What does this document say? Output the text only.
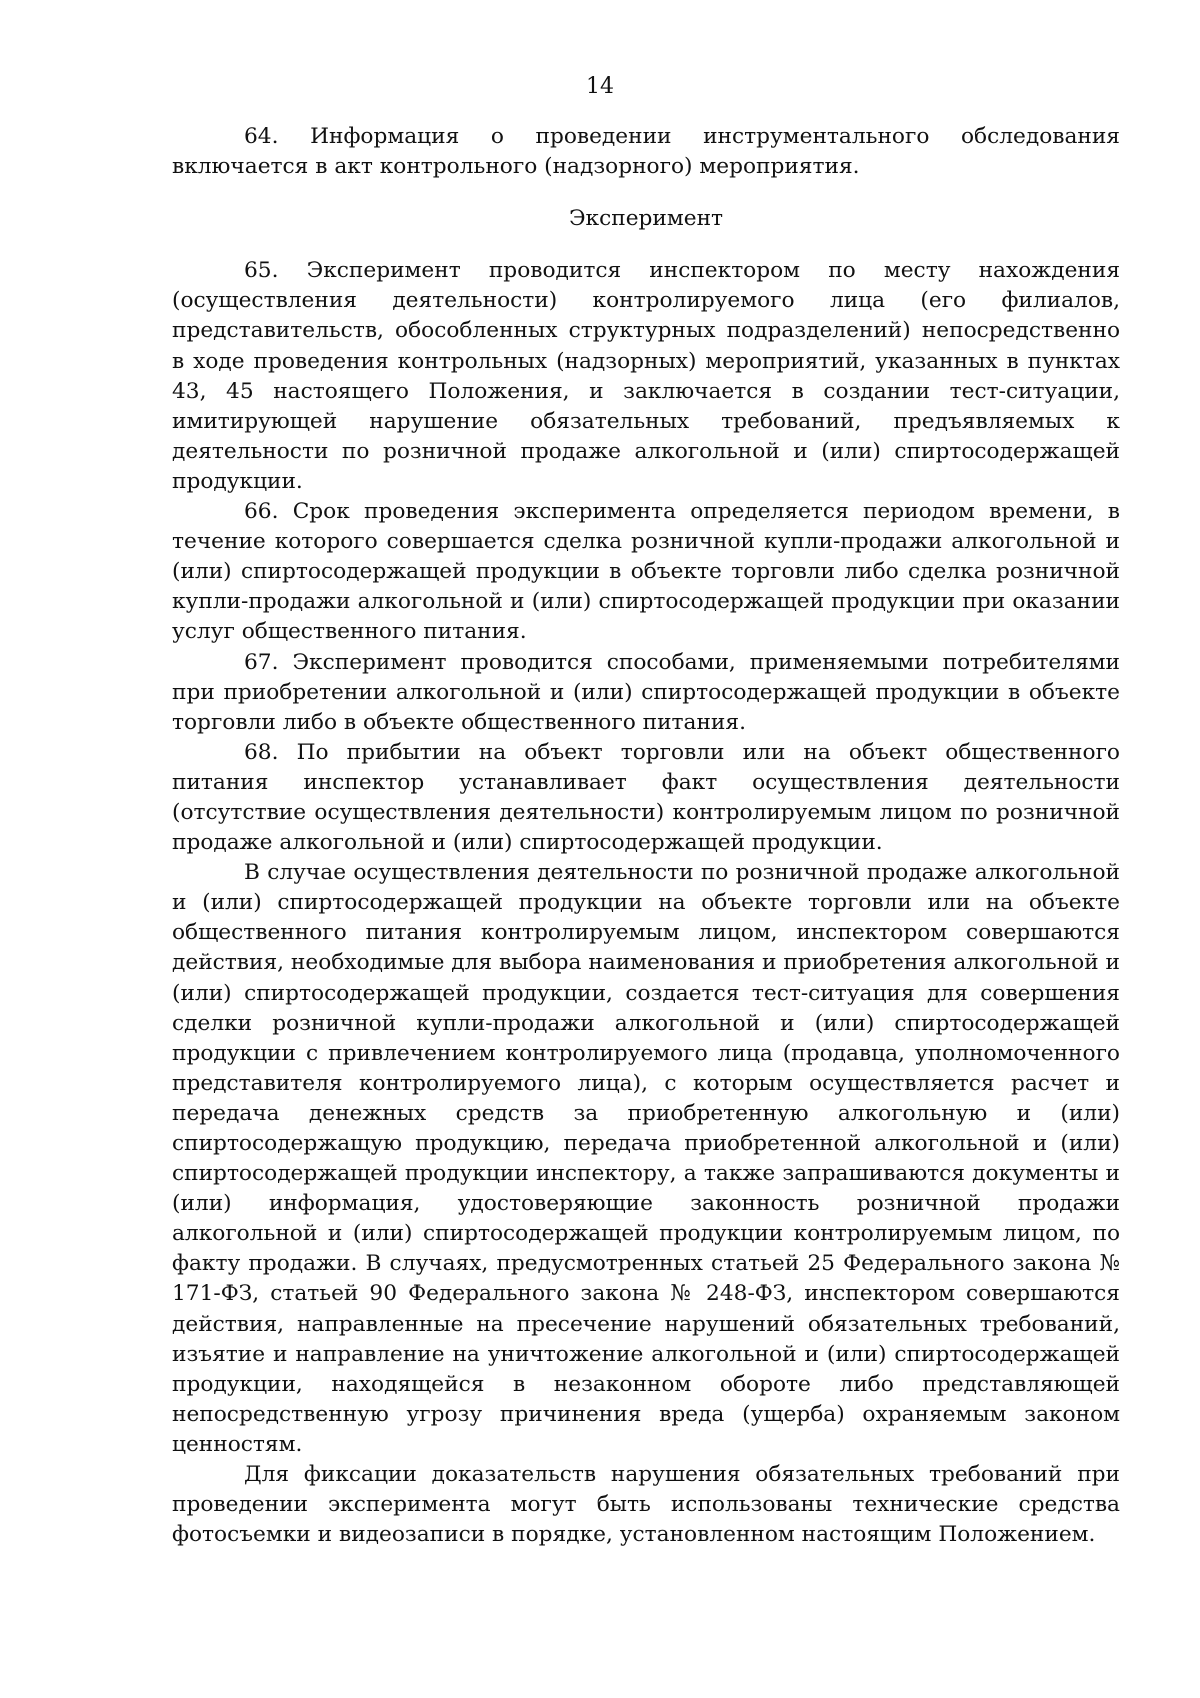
14

64. Информация о проведении инструментального обследования включается в акт контрольного (надзорного) мероприятия.

Эксперимент

65. Эксперимент проводится инспектором по месту нахождения (осуществления деятельности) контролируемого лица (его филиалов, представительств, обособленных структурных подразделений) непосредственно в ходе проведения контрольных (надзорных) мероприятий, указанных в пунктах 43, 45 настоящего Положения, и заключается в создании тест-ситуации, имитирующей нарушение обязательных требований, предъявляемых к деятельности по розничной продаже алкогольной и (или) спиртосодержащей продукции.

66. Срок проведения эксперимента определяется периодом времени, в течение которого совершается сделка розничной купли-продажи алкогольной и (или) спиртосодержащей продукции в объекте торговли либо сделка розничной купли-продажи алкогольной и (или) спиртосодержащей продукции при оказании услуг общественного питания.

67. Эксперимент проводится способами, применяемыми потребителями при приобретении алкогольной и (или) спиртосодержащей продукции в объекте торговли либо в объекте общественного питания.

68. По прибытии на объект торговли или на объект общественного питания инспектор устанавливает факт осуществления деятельности (отсутствие осуществления деятельности) контролируемым лицом по розничной продаже алкогольной и (или) спиртосодержащей продукции.

В случае осуществления деятельности по розничной продаже алкогольной и (или) спиртосодержащей продукции на объекте торговли или на объекте общественного питания контролируемым лицом, инспектором совершаются действия, необходимые для выбора наименования и приобретения алкогольной и (или) спиртосодержащей продукции, создается тест-ситуация для совершения сделки розничной купли-продажи алкогольной и (или) спиртосодержащей продукции с привлечением контролируемого лица (продавца, уполномоченного представителя контролируемого лица), с которым осуществляется расчет и передача денежных средств за приобретенную алкогольную и (или) спиртосодержащую продукцию, передача приобретенной алкогольной и (или) спиртосодержащей продукции инспектору, а также запрашиваются документы и (или) информация, удостоверяющие законность розничной продажи алкогольной и (или) спиртосодержащей продукции контролируемым лицом, по факту продажи. В случаях, предусмотренных статьей 25 Федерального закона № 171-ФЗ, статьей 90 Федерального закона № 248-ФЗ, инспектором совершаются действия, направленные на пресечение нарушений обязательных требований, изъятие и направление на уничтожение алкогольной и (или) спиртосодержащей продукции, находящейся в незаконном обороте либо представляющей непосредственную угрозу причинения вреда (ущерба) охраняемым законом ценностям.

Для фиксации доказательств нарушения обязательных требований при проведении эксперимента могут быть использованы технические средства фотосъемки и видеозаписи в порядке, установленном настоящим Положением.
